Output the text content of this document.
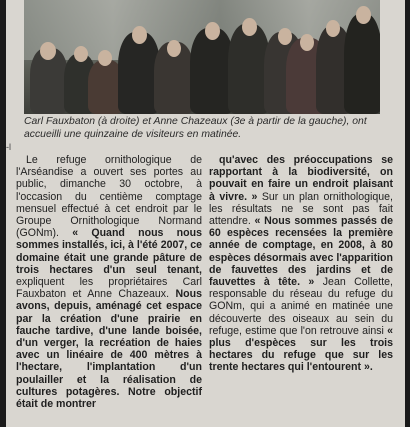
Carl Fauxbaton (à droite) et Anne Chazeaux (3e à partir de la gauche), ont accueilli une quinzaine de visiteurs en matinée.
-l

Le refuge ornithologique de l'Arséandise a ouvert ses portes au public, dimanche 30 octobre, à l'occasion du centième comptage mensuel effectué à cet endroit par le Groupe Ornithologique Normand (GONm). « Quand nous nous sommes installés, ici, à l'été 2007, ce domaine était une grande pâture de trois hectares d'un seul tenant, expliquent les propriétaires Carl Fauxbaton et Anne Chazeaux. Nous avons, depuis, aménagé cet espace par la création d'une prairie en fauche tardive, d'une lande boisée, d'un verger, la recréation de haies avec un linéaire de 400 mètres à l'hectare, l'implantation d'un poulailler et la réalisation de cultures potagères. Notre objectif était de montrer

qu'avec des préoccupations se rapportant à la biodiversité, on pouvait en faire un endroit plaisant à vivre. » Sur un plan ornithologique, les résultats ne se sont pas fait attendre. « Nous sommes passés de 60 espèces recensées la première année de comptage, en 2008, à 80 espèces désormais avec l'apparition de fauvettes des jardins et de fauvettes à tête. » Jean Collette, responsable du réseau du refuge du GONm, qui a animé en matinée une découverte des oiseaux au sein du refuge, estime que l'on retrouve ainsi « plus d'espèces sur les trois hectares du refuge que sur les trente hectares qui l'entourent ».
